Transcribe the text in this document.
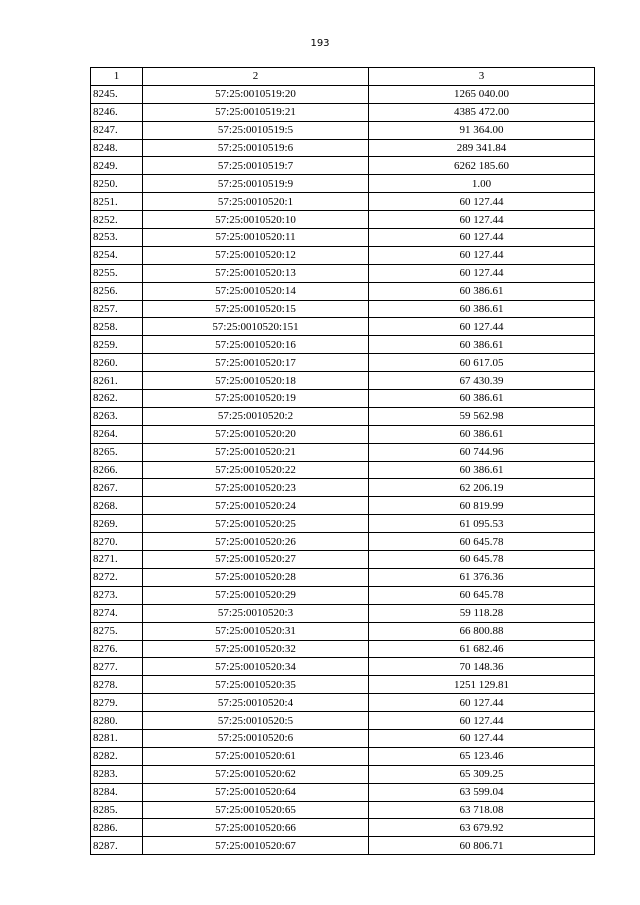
193
1	2	3
8245.	57:25:0010519:20	1265 040.00
8246.	57:25:0010519:21	4385 472.00
8247.	57:25:0010519:5	91 364.00
8248.	57:25:0010519:6	289 341.84
8249.	57:25:0010519:7	6262 185.60
8250.	57:25:0010519:9	1.00
8251.	57:25:0010520:1	60 127.44
8252.	57:25:0010520:10	60 127.44
8253.	57:25:0010520:11	60 127.44
8254.	57:25:0010520:12	60 127.44
8255.	57:25:0010520:13	60 127.44
8256.	57:25:0010520:14	60 386.61
8257.	57:25:0010520:15	60 386.61
8258.	57:25:0010520:151	60 127.44
8259.	57:25:0010520:16	60 386.61
8260.	57:25:0010520:17	60 617.05
8261.	57:25:0010520:18	67 430.39
8262.	57:25:0010520:19	60 386.61
8263.	57:25:0010520:2	59 562.98
8264.	57:25:0010520:20	60 386.61
8265.	57:25:0010520:21	60 744.96
8266.	57:25:0010520:22	60 386.61
8267.	57:25:0010520:23	62 206.19
8268.	57:25:0010520:24	60 819.99
8269.	57:25:0010520:25	61 095.53
8270.	57:25:0010520:26	60 645.78
8271.	57:25:0010520:27	60 645.78
8272.	57:25:0010520:28	61 376.36
8273.	57:25:0010520:29	60 645.78
8274.	57:25:0010520:3	59 118.28
8275.	57:25:0010520:31	66 800.88
8276.	57:25:0010520:32	61 682.46
8277.	57:25:0010520:34	70 148.36
8278.	57:25:0010520:35	1251 129.81
8279.	57:25:0010520:4	60 127.44
8280.	57:25:0010520:5	60 127.44
8281.	57:25:0010520:6	60 127.44
8282.	57:25:0010520:61	65 123.46
8283.	57:25:0010520:62	65 309.25
8284.	57:25:0010520:64	63 599.04
8285.	57:25:0010520:65	63 718.08
8286.	57:25:0010520:66	63 679.92
8287.	57:25:0010520:67	60 806.71
